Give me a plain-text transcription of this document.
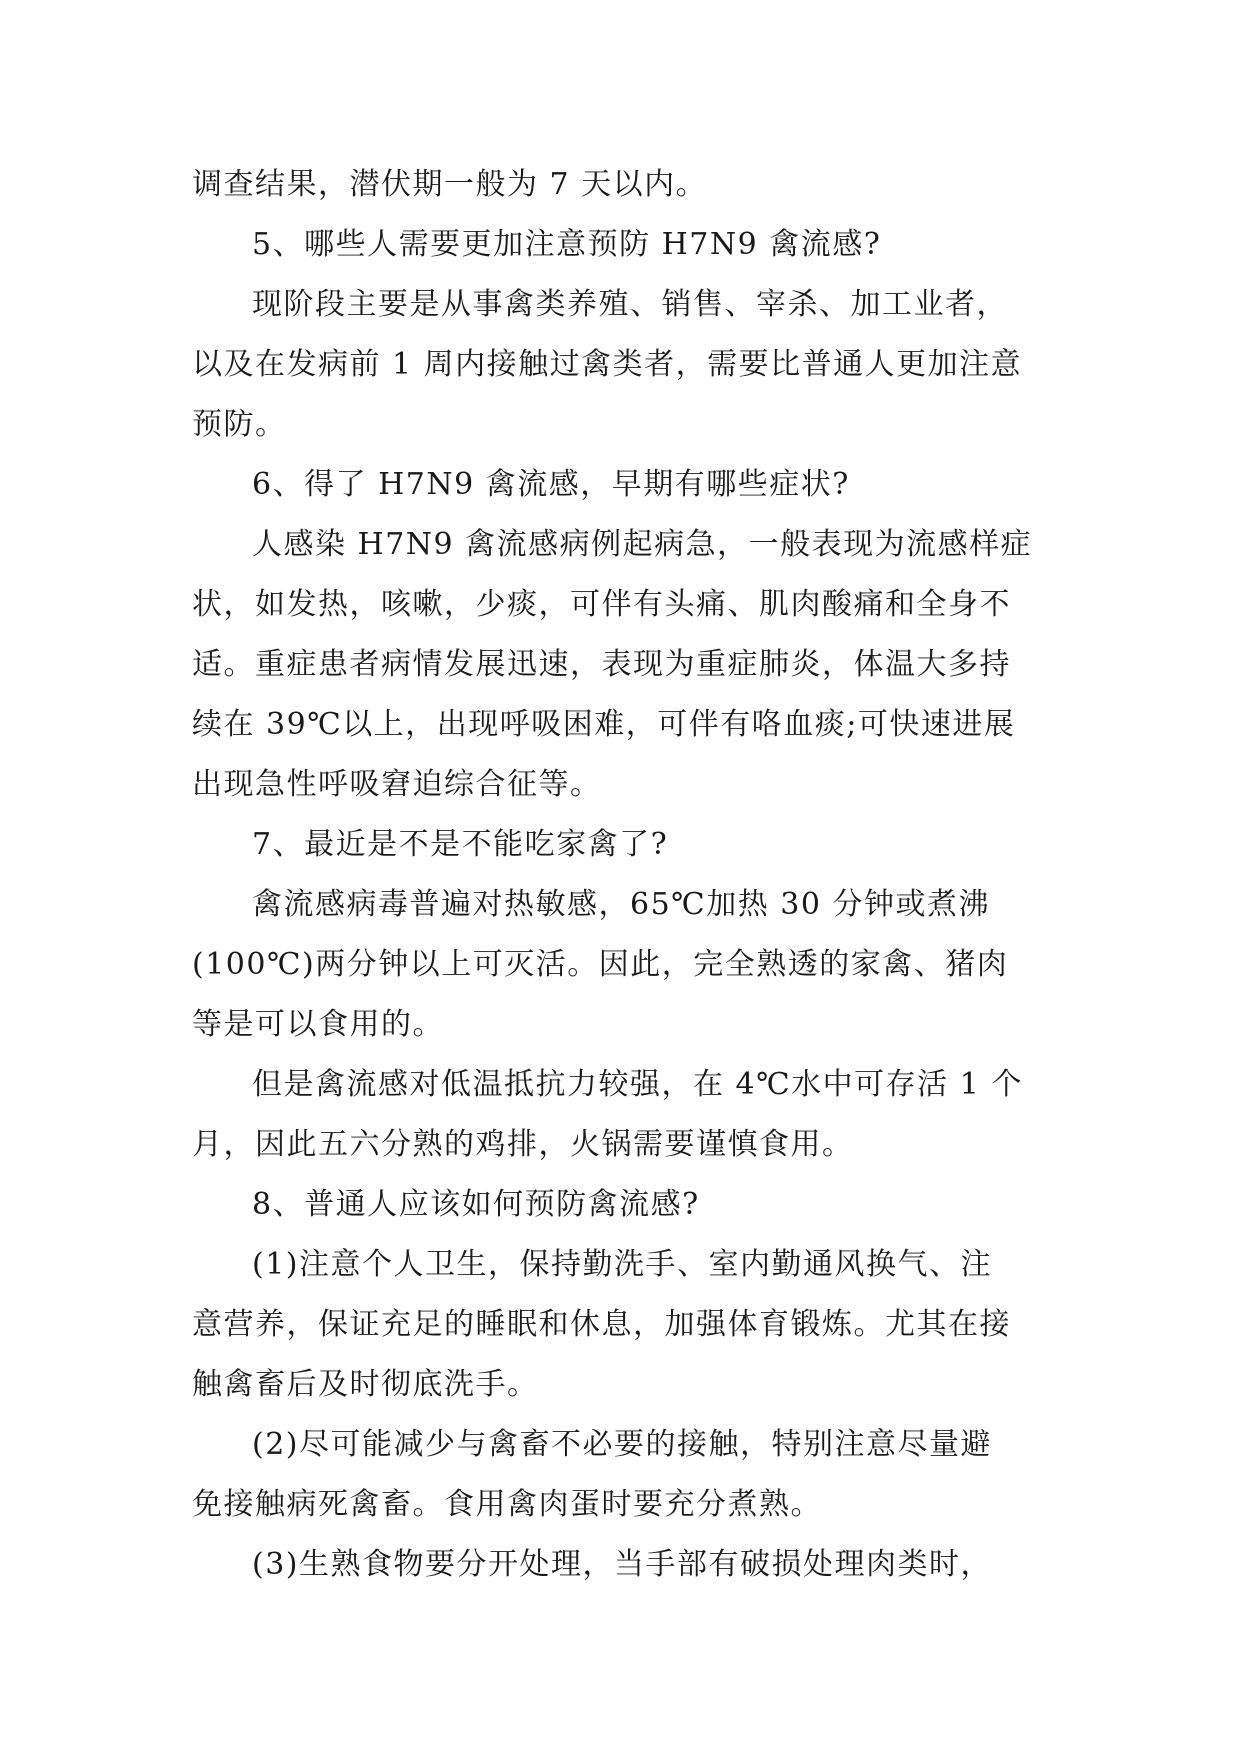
调查结果，潜伏期一般为 7 天以内。
5、哪些人需要更加注意预防 H7N9 禽流感?
现阶段主要是从事禽类养殖、销售、宰杀、加工业者，
以及在发病前 1 周内接触过禽类者，需要比普通人更加注意
预防。
6、得了 H7N9 禽流感，早期有哪些症状?
人感染 H7N9 禽流感病例起病急，一般表现为流感样症
状，如发热，咳嗽，少痰，可伴有头痛、肌肉酸痛和全身不
适。重症患者病情发展迅速，表现为重症肺炎，体温大多持
续在 39℃以上，出现呼吸困难，可伴有咯血痰;可快速进展
出现急性呼吸窘迫综合征等。
7、最近是不是不能吃家禽了?
禽流感病毒普遍对热敏感，65℃加热 30 分钟或煮沸
(100℃)两分钟以上可灭活。因此，完全熟透的家禽、猪肉
等是可以食用的。
但是禽流感对低温抵抗力较强，在 4℃水中可存活 1 个
月，因此五六分熟的鸡排，火锅需要谨慎食用。
8、普通人应该如何预防禽流感?
(1)注意个人卫生，保持勤洗手、室内勤通风换气、注
意营养，保证充足的睡眠和休息，加强体育锻炼。尤其在接
触禽畜后及时彻底洗手。
(2)尽可能减少与禽畜不必要的接触，特别注意尽量避
免接触病死禽畜。食用禽肉蛋时要充分煮熟。
(3)生熟食物要分开处理，当手部有破损处理肉类时，
